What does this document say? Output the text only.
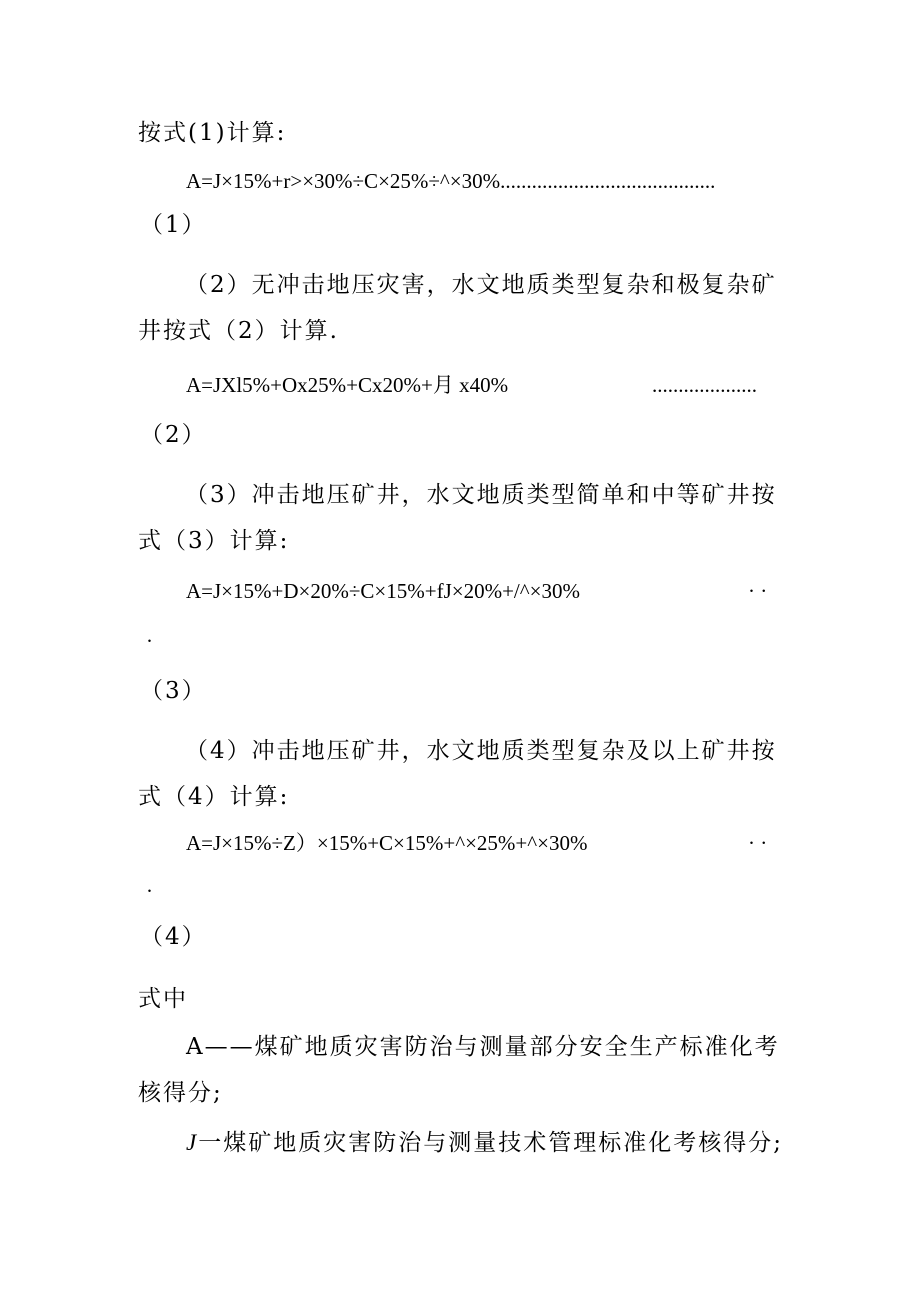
按式(1)计算:
A=J×15%+r>×30%÷C×25%÷^×30%.........................................
（1）
（2）无冲击地压灾害，水文地质类型复杂和极复杂矿
井按式（2）计算.
A=JXl5%+Ox25%+Cx20%+月 x40%	....................
（2）
（3）冲击地压矿井，水文地质类型简单和中等矿井按
式（3）计算:
A=J×15%+D×20%÷C×15%+fJ×20%+/^×30%	· ·
·
（3）
（4）冲击地压矿井，水文地质类型复杂及以上矿井按
式（4）计算:
A=J×15%÷Z）×15%+C×15%+^×25%+^×30%	· ·
·
（4）
式中
A——煤矿地质灾害防治与测量部分安全生产标准化考
核得分;
J一煤矿地质灾害防治与测量技术管理标准化考核得分;
